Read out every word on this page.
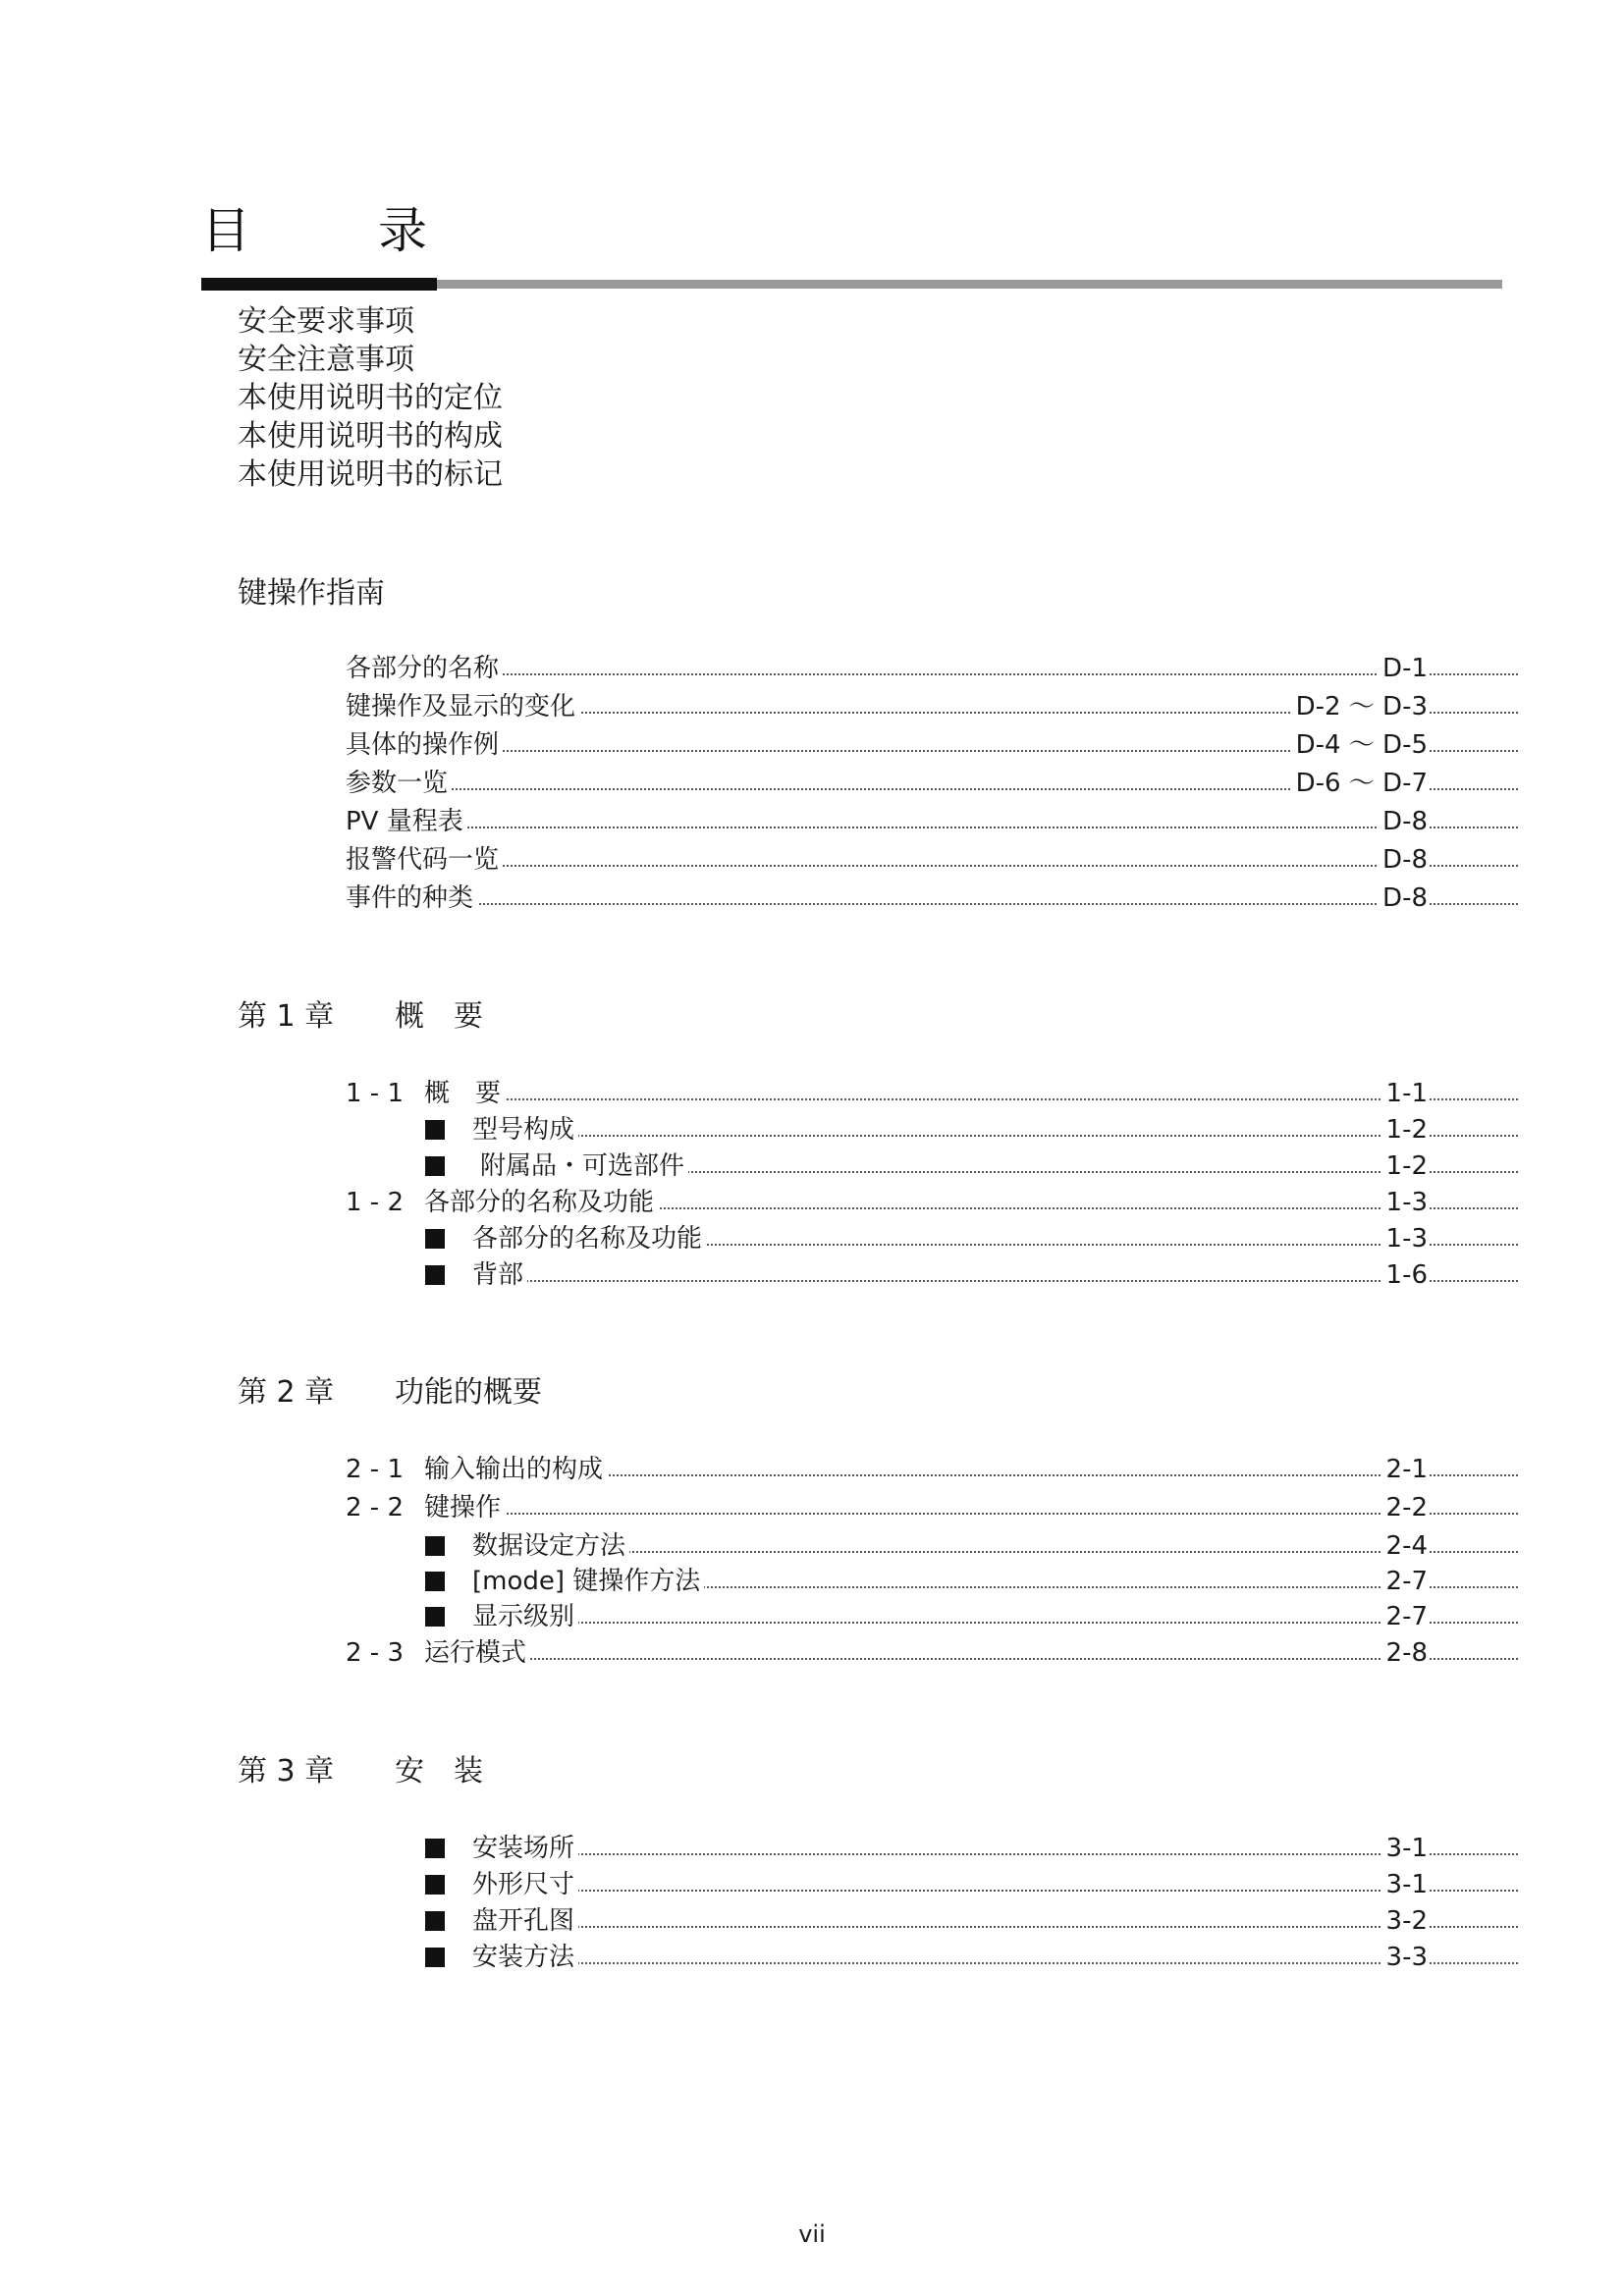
目　录
安全要求事项
安全注意事项
本使用说明书的定位
本使用说明书的构成
本使用说明书的标记
键操作指南
各部分的名称	D-1
键操作及显示的变化	D-2 ～ D-3
具体的操作例	D-4 ～ D-5
参数一览	D-6 ～ D-7
PV 量程表	D-8
报警代码一览	D-8
事件的种类	D-8
第 1 章 概　要
1 - 1 概　要	1-1
型号构成	1-2
附属品・可选部件	1-2
1 - 2 各部分的名称及功能	1-3
各部分的名称及功能	1-3
背部	1-6
第 2 章 功能的概要
2 - 1 输入输出的构成	2-1
2 - 2 键操作	2-2
数据设定方法	2-4
[mode] 键操作方法	2-7
显示级别	2-7
2 - 3 运行模式	2-8
第 3 章 安　装
安装场所	3-1
外形尺寸	3-1
盘开孔图	3-2
安装方法	3-3
vii
